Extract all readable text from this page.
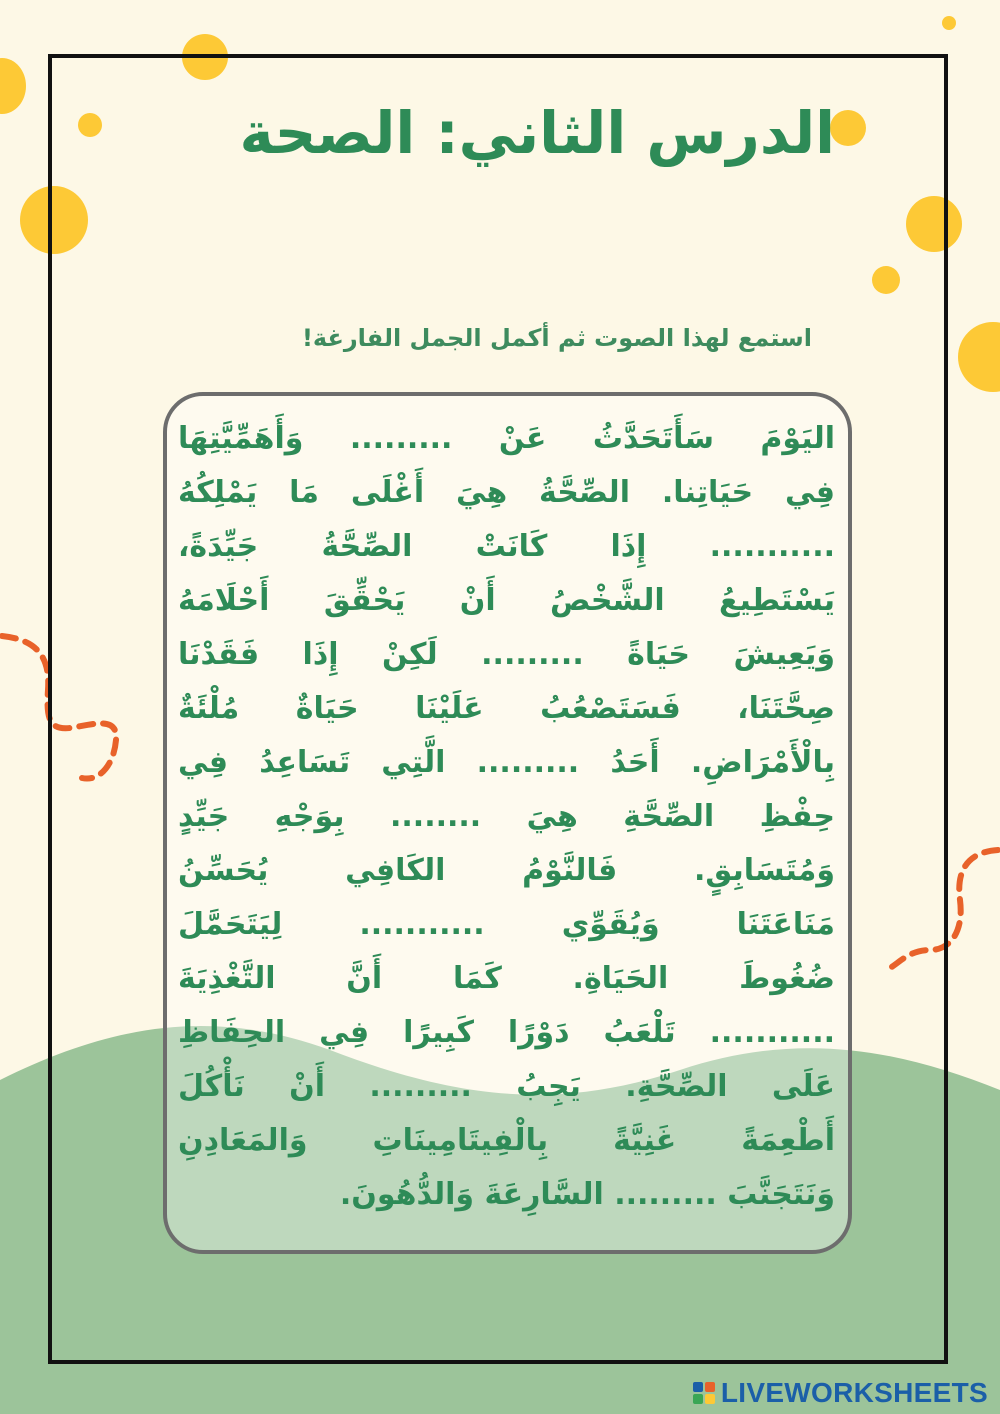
الدرس الثاني: الصحة
استمع لهذا الصوت ثم أكمل الجمل الفارغة!
اليَوْمَ سَأَتَحَدَّثُ عَنْ ......... وَأَهَمِّيَّتِهَا
فِي حَيَاتِنا. الصِّحَّةُ هِيَ أَغْلَى مَا يَمْلِكُهُ
........... إِذَا كَانَتْ الصِّحَّةُ جَيِّدَةً،
يَسْتَطِيعُ الشَّخْصُ أَنْ يَحْقِّقَ أَحْلَامَهُ
وَيَعِيشَ حَيَاةً ......... لَكِنْ إِذَا فَقَدْنَا
صِحَّتَنَا، فَسَتَصْعُبُ عَلَيْنَا حَيَاةٌ مُلْئَةٌ
بِالْأَمْرَاضِ. أَحَدُ ......... الَّتِي تَسَاعِدُ فِي
حِفْظِ الصِّحَّةِ هِيَ ........ بِوَجْهِ جَيِّدٍ
وَمُتَسَابِقٍ. فَالنَّوْمُ الكَافِي يُحَسِّنُ
مَنَاعَتَنَا وَيُقَوِّي ........... لِيَتَحَمَّلَ
ضُغُوطَ الحَيَاةِ. كَمَا أَنَّ التَّغْذِيَةَ
........... تَلْعَبُ دَوْرًا كَبِيرًا فِي الحِفَاظِ
عَلَى الصِّحَّةِ. يَجِبُ ......... أَنْ نَأْكُلَ
أَطْعِمَةً غَنِيَّةً بِالْفِيتَامِينَاتِ وَالمَعَادِنِ
وَنَتَجَنَّبَ ......... السَّارِعَةَ وَالدُّهُونَ.
LIVEWORKSHEETS
